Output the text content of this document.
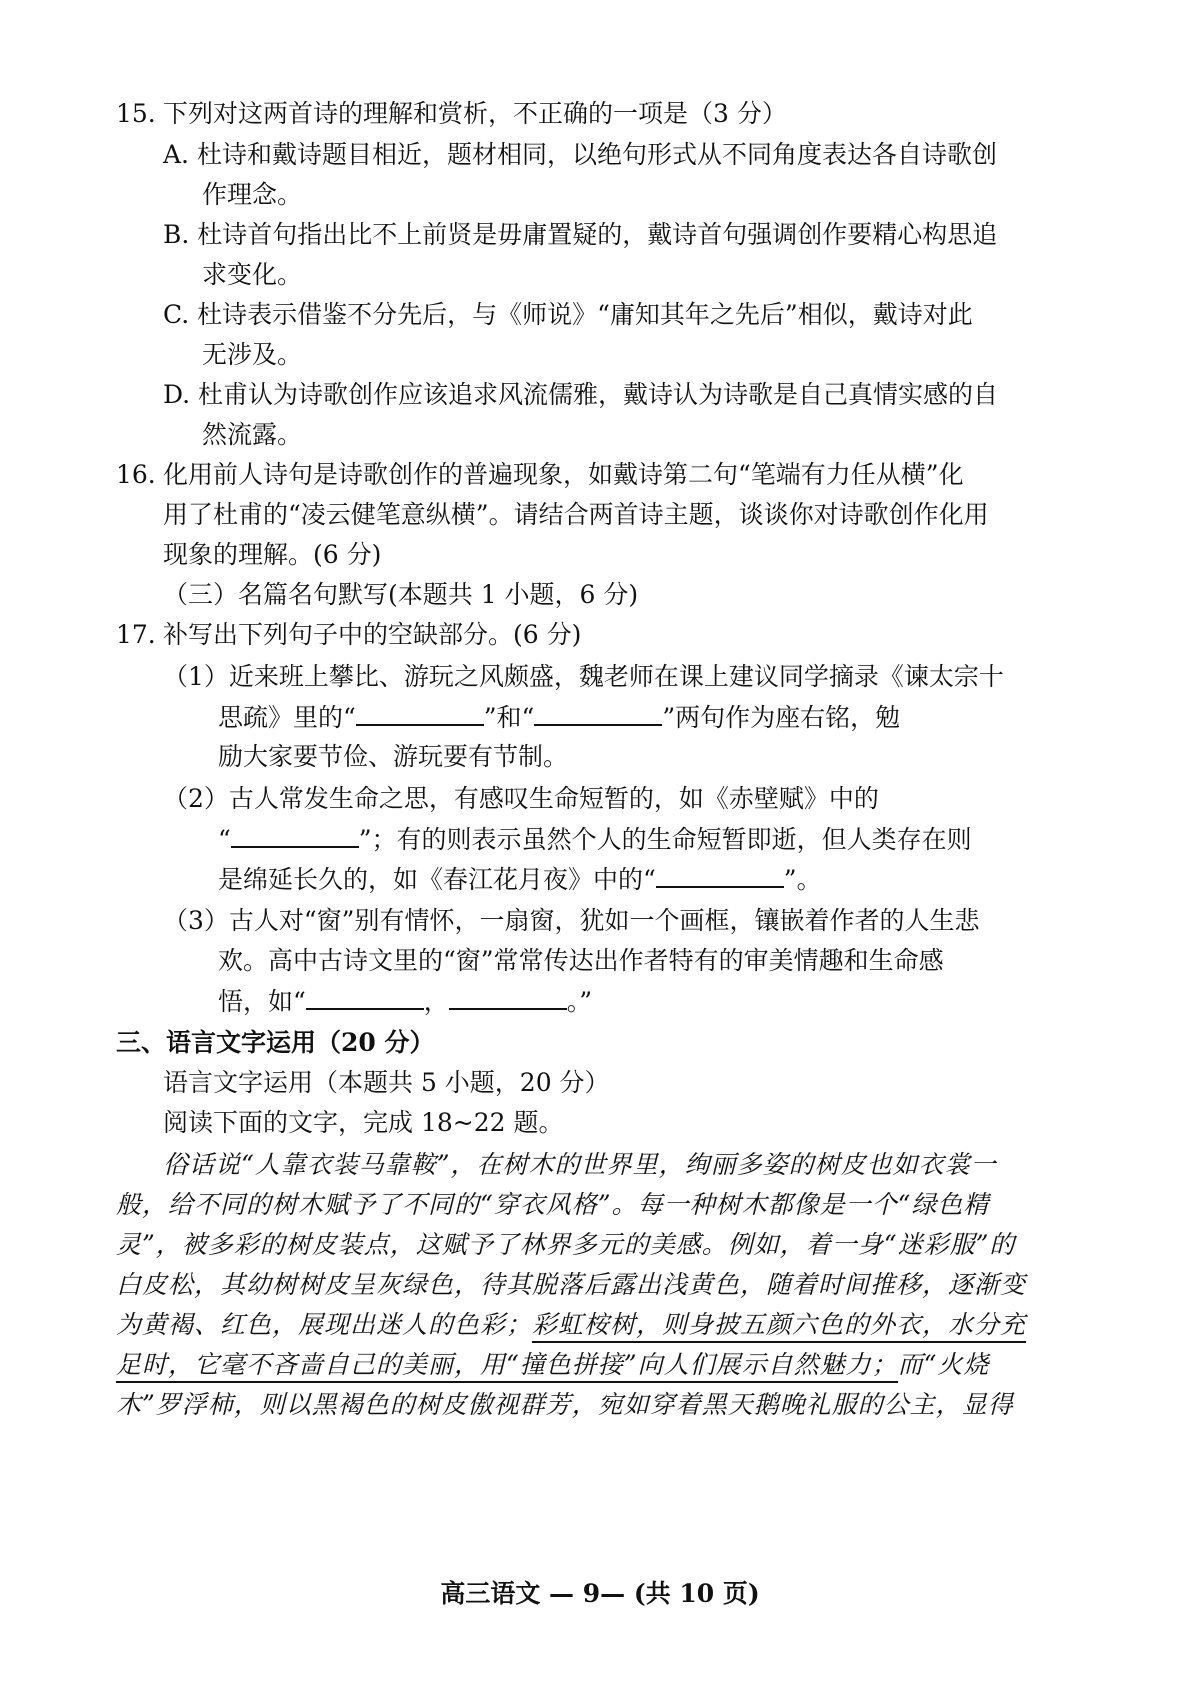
15. 下列对这两首诗的理解和赏析，不正确的一项是（3 分）
A. 杜诗和戴诗题目相近，题材相同，以绝句形式从不同角度表达各自诗歌创
作理念。
B. 杜诗首句指出比不上前贤是毋庸置疑的，戴诗首句强调创作要精心构思追
求变化。
C. 杜诗表示借鉴不分先后，与《师说》“庸知其年之先后”相似，戴诗对此
无涉及。
D. 杜甫认为诗歌创作应该追求风流儒雅，戴诗认为诗歌是自己真情实感的自
然流露。
16. 化用前人诗句是诗歌创作的普遍现象，如戴诗第二句“笔端有力任从横”化
用了杜甫的“凌云健笔意纵横”。请结合两首诗主题，谈谈你对诗歌创作化用
现象的理解。(6 分)
（三）名篇名句默写(本题共 1 小题，6 分)
17. 补写出下列句子中的空缺部分。(6 分)
（1）近来班上攀比、游玩之风颇盛，魏老师在课上建议同学摘录《谏太宗十
思疏》里的“	”和“	”两句作为座右铭，勉
励大家要节俭、游玩要有节制。
（2）古人常发生命之思，有感叹生命短暂的，如《赤壁赋》中的
“	”；有的则表示虽然个人的生命短暂即逝，但人类存在则
是绵延长久的，如《春江花月夜》中的“	”。
（3）古人对“窗”别有情怀，一扇窗，犹如一个画框，镶嵌着作者的人生悲
欢。高中古诗文里的“窗”常常传达出作者特有的审美情趣和生命感
悟，如“	，	。”
三、语言文字运用（20 分）
语言文字运用（本题共 5 小题，20 分）
阅读下面的文字，完成 18~22 题。
俗话说“人靠衣装马靠鞍”，在树木的世界里，绚丽多姿的树皮也如衣裳一
般，给不同的树木赋予了不同的“穿衣风格”。每一种树木都像是一个“绿色精
灵”，被多彩的树皮装点，这赋予了林界多元的美感。例如，着一身“迷彩服”的
白皮松，其幼树树皮呈灰绿色，待其脱落后露出浅黄色，随着时间推移，逐渐变
为黄褐、红色，展现出迷人的色彩；彩虹桉树，则身披五颜六色的外衣，水分充
足时，它毫不吝啬自己的美丽，用“撞色拼接”向人们展示自然魅力；而“火烧
木”罗浮柿，则以黑褐色的树皮傲视群芳，宛如穿着黑天鹅晚礼服的公主，显得
高三语文 — 9— (共 10 页)
